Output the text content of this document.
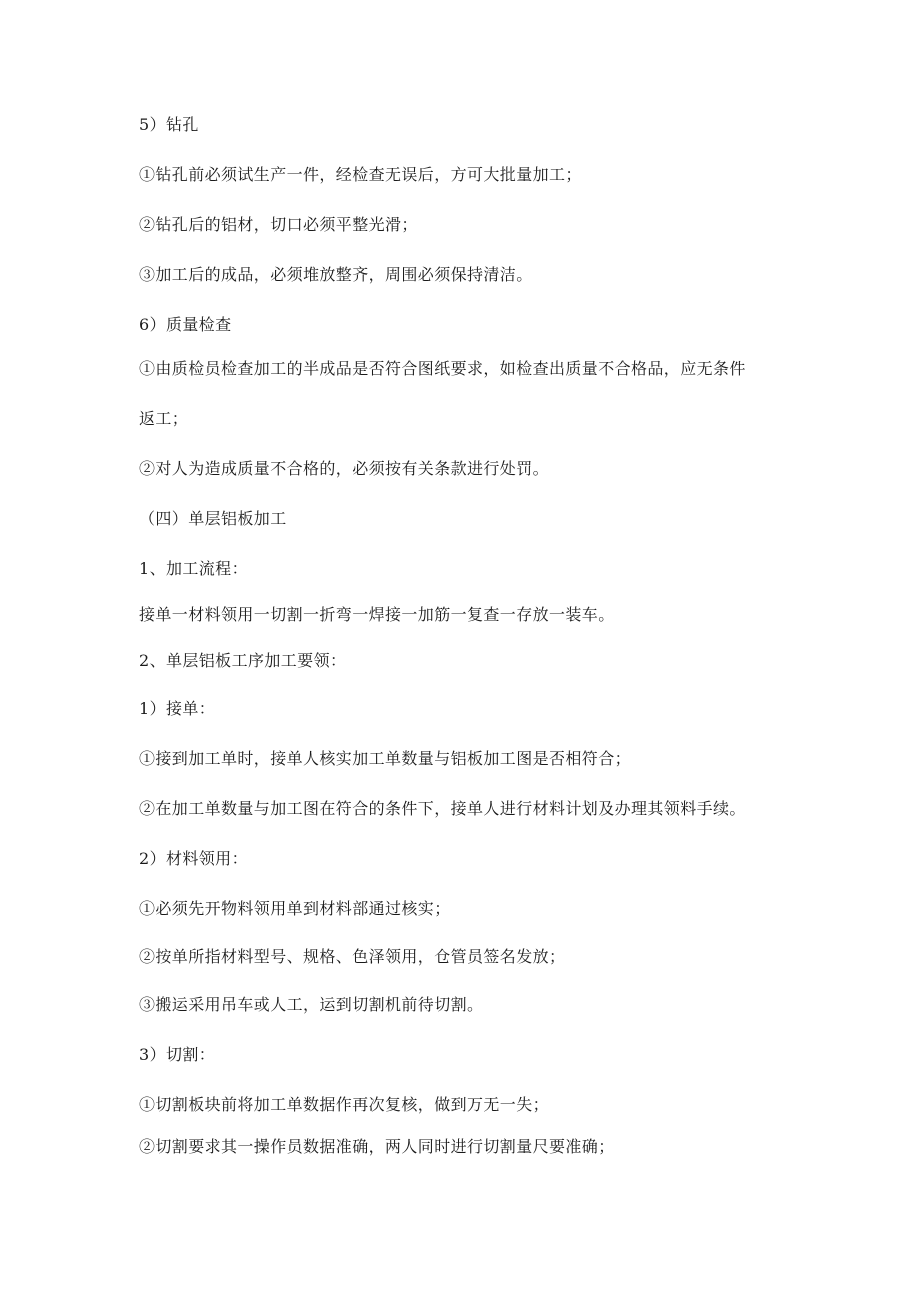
5）钻孔

①钻孔前必须试生产一件，经检查无误后，方可大批量加工；

②钻孔后的铝材，切口必须平整光滑；

③加工后的成品，必须堆放整齐，周围必须保持清洁。

6）质量检查

①由质检员检查加工的半成品是否符合图纸要求，如检查出质量不合格品，应无条件

返工；

②对人为造成质量不合格的，必须按有关条款进行处罚。

（四）单层铝板加工

1、加工流程：

接单一材料领用一切割一折弯一焊接一加筋一复查一存放一装车。

2、单层铝板工序加工要领：

1）接单：

①接到加工单时，接单人核实加工单数量与铝板加工图是否相符合；

②在加工单数量与加工图在符合的条件下，接单人进行材料计划及办理其领料手续。

2）材料领用：

①必须先开物料领用单到材料部通过核实；

②按单所指材料型号、规格、色泽领用，仓管员签名发放；

③搬运采用吊车或人工，运到切割机前待切割。

3）切割：

①切割板块前将加工单数据作再次复核，做到万无一失；

②切割要求其一操作员数据准确，两人同时进行切割量尺要准确；
